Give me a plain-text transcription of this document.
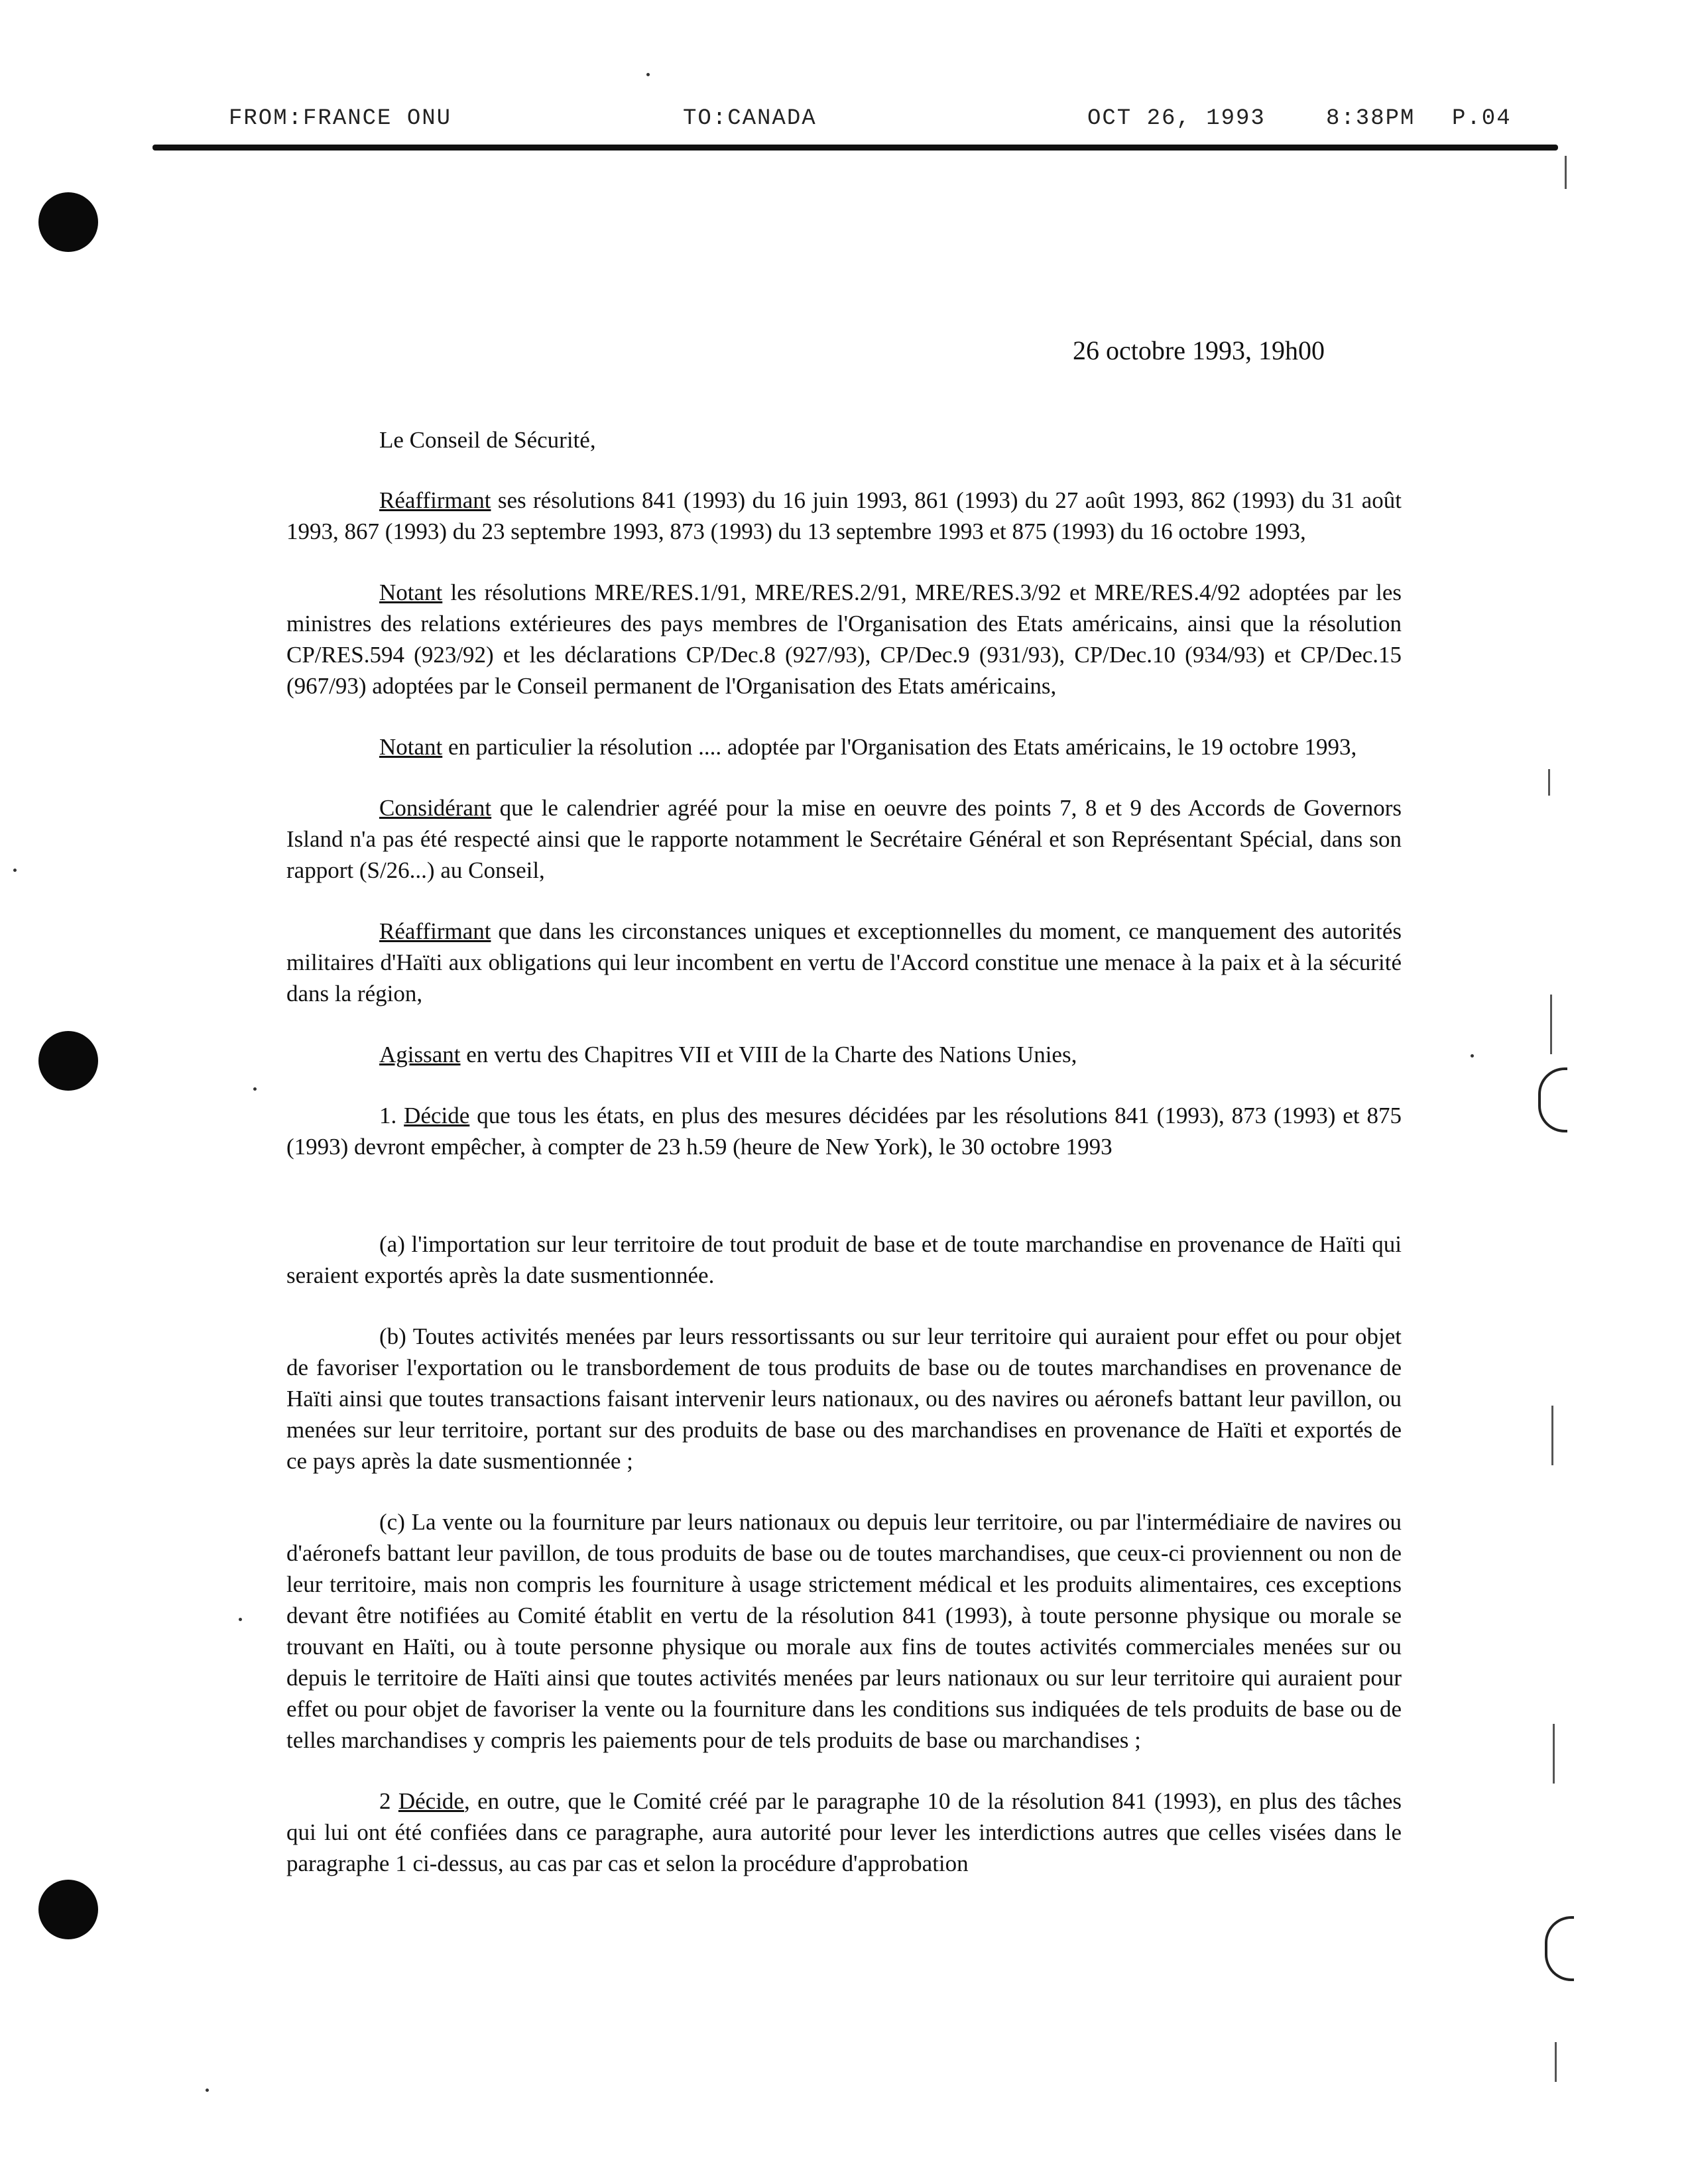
FROM:FRANCE ONU	TO:CANADA	OCT 26, 1993	8:38PM P.04
26 octobre 1993, 19h00

Le Conseil de Sécurité,

Réaffirmant ses résolutions 841 (1993) du 16 juin 1993, 861 (1993) du 27 août 1993, 862 (1993) du 31 août 1993, 867 (1993) du 23 septembre 1993, 873 (1993) du 13 septembre 1993 et 875 (1993) du 16 octobre 1993,

Notant les résolutions MRE/RES.1/91, MRE/RES.2/91, MRE/RES.3/92 et MRE/RES.4/92 adoptées par les ministres des relations extérieures des pays membres de l'Organisation des Etats américains, ainsi que la résolution CP/RES.594 (923/92) et les déclarations CP/Dec.8 (927/93), CP/Dec.9 (931/93), CP/Dec.10 (934/93) et CP/Dec.15 (967/93) adoptées par le Conseil permanent de l'Organisation des Etats américains,

Notant en particulier la résolution .... adoptée par l'Organisation des Etats américains, le 19 octobre 1993,

Considérant que le calendrier agréé pour la mise en oeuvre des points 7, 8 et 9 des Accords de Governors Island n'a pas été respecté ainsi que le rapporte notamment le Secrétaire Général et son Représentant Spécial, dans son rapport (S/26...) au Conseil,

Réaffirmant que dans les circonstances uniques et exceptionnelles du moment, ce manquement des autorités militaires d'Haïti aux obligations qui leur incombent en vertu de l'Accord constitue une menace à la paix et à la sécurité dans la région,

Agissant en vertu des Chapitres VII et VIII de la Charte des Nations Unies,

1. Décide que tous les états, en plus des mesures décidées par les résolutions 841 (1993), 873 (1993) et 875 (1993) devront empêcher, à compter de 23 h.59 (heure de New York), le 30 octobre 1993

(a) l'importation sur leur territoire de tout produit de base et de toute marchandise en provenance de Haïti qui seraient exportés après la date susmentionnée.

(b) Toutes activités menées par leurs ressortissants ou sur leur territoire qui auraient pour effet ou pour objet de favoriser l'exportation ou le transbordement de tous produits de base ou de toutes marchandises en provenance de Haïti ainsi que toutes transactions faisant intervenir leurs nationaux, ou des navires ou aéronefs battant leur pavillon, ou menées sur leur territoire, portant sur des produits de base ou des marchandises en provenance de Haïti et exportés de ce pays après la date susmentionnée ;

(c) La vente ou la fourniture par leurs nationaux ou depuis leur territoire, ou par l'intermédiaire de navires ou d'aéronefs battant leur pavillon, de tous produits de base ou de toutes marchandises, que ceux-ci proviennent ou non de leur territoire, mais non compris les fourniture à usage strictement médical et les produits alimentaires, ces exceptions devant être notifiées au Comité établit en vertu de la résolution 841 (1993), à toute personne physique ou morale se trouvant en Haïti, ou à toute personne physique ou morale aux fins de toutes activités commerciales menées sur ou depuis le territoire de Haïti ainsi que toutes activités menées par leurs nationaux ou sur leur territoire qui auraient pour effet ou pour objet de favoriser la vente ou la fourniture dans les conditions sus indiquées de tels produits de base ou de telles marchandises y compris les paiements pour de tels produits de base ou marchandises ;

2 Décide, en outre, que le Comité créé par le paragraphe 10 de la résolution 841 (1993), en plus des tâches qui lui ont été confiées dans ce paragraphe, aura autorité pour lever les interdictions autres que celles visées dans le paragraphe 1 ci-dessus, au cas par cas et selon la procédure d'approbation
